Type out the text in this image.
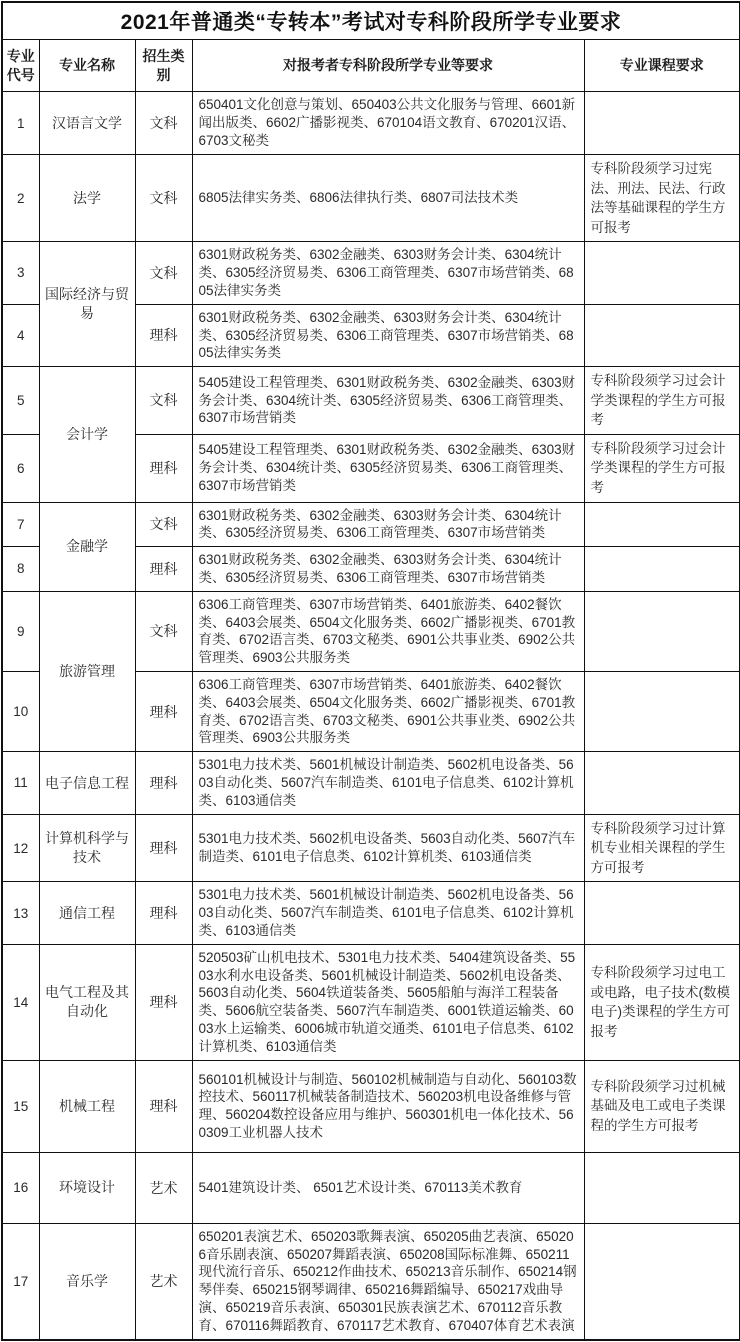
2021年普通类“专转本”考试对专科阶段所学专业要求				
专业代号	专业名称	招生类别	对报考者专科阶段所学专业等要求	专业课程要求
1	汉语言文学	文科	650401文化创意与策划、650403公共文化服务与管理、6601新闻出版类、6602广播影视类、670104语文教育、670201汉语、6703文秘类	
2	法学	文科	6805法律实务类、6806法律执行类、6807司法技术类	专科阶段须学习过宪法、刑法、民法、行政法等基础课程的学生方可报考
3	国际经济与贸易	文科	6301财政税务类、6302金融类、6303财务会计类、6304统计类、6305经济贸易类、6306工商管理类、6307市场营销类、6805法律实务类	
4		理科	6301财政税务类、6302金融类、6303财务会计类、6304统计类、6305经济贸易类、6306工商管理类、6307市场营销类、6805法律实务类	
5	会计学	文科	5405建设工程管理类、6301财政税务类、6302金融类、6303财务会计类、6304统计类、6305经济贸易类、6306工商管理类、6307市场营销类	专科阶段须学习过会计学类课程的学生方可报考
6		理科	5405建设工程管理类、6301财政税务类、6302金融类、6303财务会计类、6304统计类、6305经济贸易类、6306工商管理类、6307市场营销类	专科阶段须学习过会计学类课程的学生方可报考
7	金融学	文科	6301财政税务类、6302金融类、6303财务会计类、6304统计类、6305经济贸易类、6306工商管理类、6307市场营销类	
8		理科	6301财政税务类、6302金融类、6303财务会计类、6304统计类、6305经济贸易类、6306工商管理类、6307市场营销类	
9	旅游管理	文科	6306工商管理类、6307市场营销类、6401旅游类、6402餐饮类、6403会展类、6504文化服务类、6602广播影视类、6701教育类、6702语言类、6703文秘类、6901公共事业类、6902公共管理类、6903公共服务类	
10		理科	6306工商管理类、6307市场营销类、6401旅游类、6402餐饮类、6403会展类、6504文化服务类、6602广播影视类、6701教育类、6702语言类、6703文秘类、6901公共事业类、6902公共管理类、6903公共服务类	
11	电子信息工程	理科	5301电力技术类、5601机械设计制造类、5602机电设备类、5603自动化类、5607汽车制造类、6101电子信息类、6102计算机类、6103通信类	
12	计算机科学与技术	理科	5301电力技术类、5602机电设备类、5603自动化类、5607汽车制造类、6101电子信息类、6102计算机类、6103通信类	专科阶段须学习过计算机专业相关课程的学生方可报考
13	通信工程	理科	5301电力技术类、5601机械设计制造类、5602机电设备类、5603自动化类、5607汽车制造类、6101电子信息类、6102计算机类、6103通信类	
14	电气工程及其自动化	理科	520503矿山机电技术、5301电力技术类、5404建筑设备类、5503水利水电设备类、5601机械设计制造类、5602机电设备类、5603自动化类、5604铁道装备类、5605船舶与海洋工程装备类、5606航空装备类、5607汽车制造类、6001铁道运输类、6003水上运输类、6006城市轨道交通类、6101电子信息类、6102计算机类、6103通信类	专科阶段须学习过电工或电路，电子技术(数模电子)类课程的学生方可报考
15	机械工程	理科	560101机械设计与制造、560102机械制造与自动化、560103数控技术、560117机械装备制造技术、560203机电设备维修与管理、560204数控设备应用与维护、560301机电一体化技术、560309工业机器人技术	专科阶段须学习过机械基础及电工或电子类课程的学生方可报考
16	环境设计	艺术	5401建筑设计类、 6501艺术设计类、670113美术教育	
17	音乐学	艺术	650201表演艺术、650203歌舞表演、650205曲艺表演、650206音乐剧表演、650207舞蹈表演、650208国际标准舞、650211现代流行音乐、650212作曲技术、650213音乐制作、650214钢琴伴奏、650215钢琴调律、650216舞蹈编导、650217戏曲导演、650219音乐表演、650301民族表演艺术、670112音乐教育、670116舞蹈教育、670117艺术教育、670407体育艺术表演	
